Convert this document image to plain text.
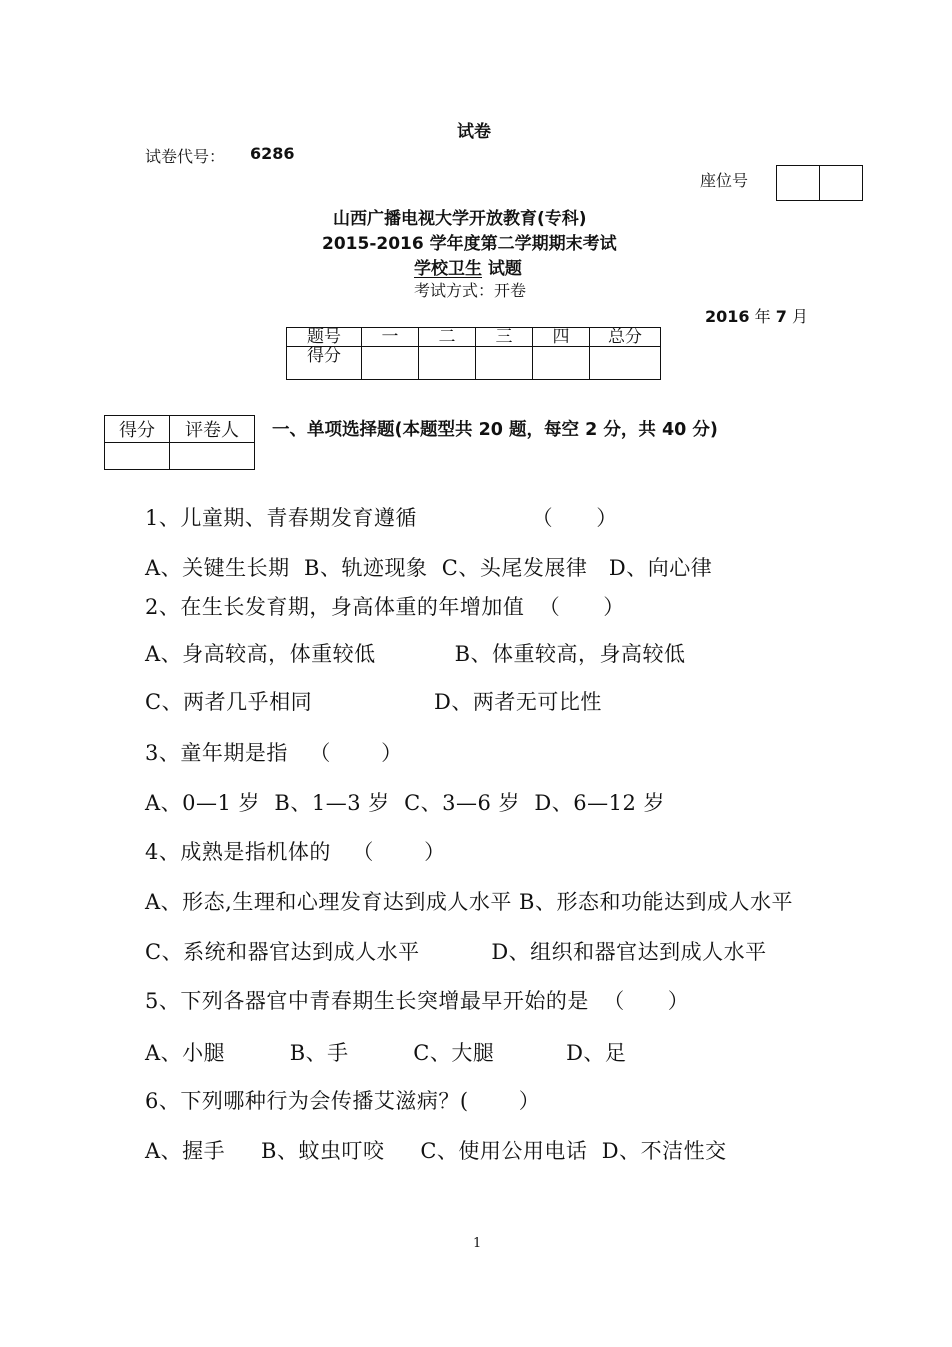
试卷
试卷代号： 6286
座位号

山西广播电视大学开放教育(专科)
2015-2016 学年度第二学期期末考试
学校卫生 试题
考试方式：开卷
2016 年 7 月
题号	一	二	三	四	总分
得分					
得分	评卷人
	一、单项选择题(本题型共 20 题，每空 2 分，共 40 分)
1、儿童期、青春期发育遵循                （      ）
A、关键生长期  B、轨迹现象  C、头尾发展律   D、向心律
2、在生长发育期，身高体重的年增加值  （      ）
A、身高较高，体重较低           B、体重较高，身高较低
C、两者几乎相同                 D、两者无可比性
3、童年期是指   （       ）
A、0—1 岁  B、1—3 岁  C、3—6 岁  D、6—12 岁
4、成熟是指机体的   （       ）
A、形态,生理和心理发育达到成人水平 B、形态和功能达到成人水平
C、系统和器官达到成人水平          D、组织和器官达到成人水平
5、下列各器官中青春期生长突增最早开始的是  （      ）
A、小腿         B、手         C、大腿          D、足
6、下列哪种行为会传播艾滋病？(       ）
A、握手     B、蚊虫叮咬     C、使用公用电话  D、不洁性交
1
